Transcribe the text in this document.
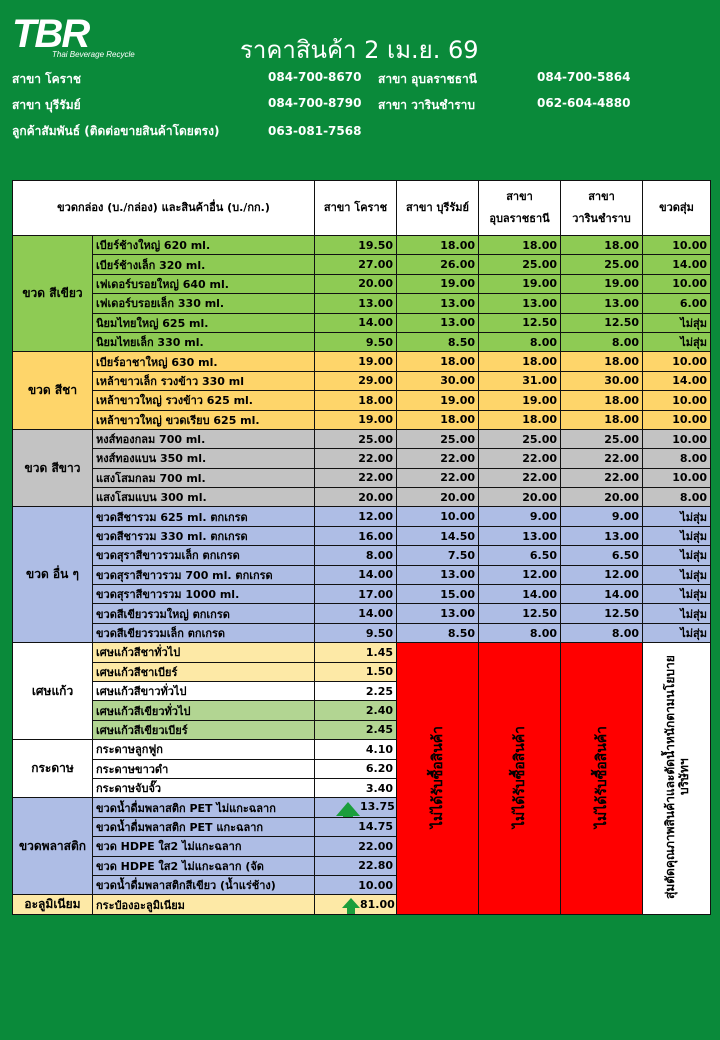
TBR
Thai Beverage Recycle	ราคาสินค้า 2 เม.ย. 69
สาขา โคราช	084-700-8670 สาขา อุบลราชธานี	084-700-5864
สาขา บุรีรัมย์	084-700-8790 สาขา วารินชำราบ	062-604-4880
ลูกค้าสัมพันธ์ (ติดต่อขายสินค้าโดยตรง)	063-081-7568
ขวดกล่อง (บ./กล่อง) และสินค้าอื่น (บ./กก.)		สาขา โคราช	สาขา บุรีรัมย์	สาขา อุบลราชธานี	สาขา วารินชำราบ	ขวดสุ่ม
ขวด สีเขียว	เบียร์ช้างใหญ่ 620 ml.	19.50	18.00	18.00	18.00	10.00
	เบียร์ช้างเล็ก 320 ml.	27.00	26.00	25.00	25.00	14.00
	เฟเดอร์บรอยใหญ่ 640 ml.	20.00	19.00	19.00	19.00	10.00
	เฟเดอร์บรอยเล็ก 330 ml.	13.00	13.00	13.00	13.00	6.00
	นิยมไทยใหญ่ 625 ml.	14.00	13.00	12.50	12.50	ไม่สุ่ม
	นิยมไทยเล็ก 330 ml.	9.50	8.50	8.00	8.00	ไม่สุ่ม
ขวด สีชา	เบียร์อาชาใหญ่ 630 ml.	19.00	18.00	18.00	18.00	10.00
	เหล้าขาวเล็ก รวงข้าว 330 ml	29.00	30.00	31.00	30.00	14.00
	เหล้าขาวใหญ่ รวงข้าว 625 ml.	18.00	19.00	19.00	18.00	10.00
	เหล้าขาวใหญ่ ขวดเรียบ 625 ml.	19.00	18.00	18.00	18.00	10.00
ขวด สีขาว	หงส์ทองกลม 700 ml.	25.00	25.00	25.00	25.00	10.00
	หงส์ทองแบน 350 ml.	22.00	22.00	22.00	22.00	8.00
	แสงโสมกลม 700 ml.	22.00	22.00	22.00	22.00	10.00
	แสงโสมแบน 300 ml.	20.00	20.00	20.00	20.00	8.00
ขวด อื่น ๆ	ขวดสีชารวม 625 ml. ตกเกรด	12.00	10.00	9.00	9.00	ไม่สุ่ม
	ขวดสีชารวม 330 ml. ตกเกรด	16.00	14.50	13.00	13.00	ไม่สุ่ม
	ขวดสุราสีขาวรวมเล็ก ตกเกรด	8.00	7.50	6.50	6.50	ไม่สุ่ม
	ขวดสุราสีขาวรวม 700 ml. ตกเกรด	14.00	13.00	12.00	12.00	ไม่สุ่ม
	ขวดสุราสีขาวรวม 1000 ml.	17.00	15.00	14.00	14.00	ไม่สุ่ม
	ขวดสีเขียวรวมใหญ่ ตกเกรด	14.00	13.00	12.50	12.50	ไม่สุ่ม
	ขวดสีเขียวรวมเล็ก ตกเกรด	9.50	8.50	8.00	8.00	ไม่สุ่ม
เศษแก้ว	เศษแก้วสีชาทั่วไป	1.45	ไม่ได้รับซื้อสินค้า	ไม่ได้รับซื้อสินค้า	ไม่ได้รับซื้อสินค้า	สุ่มตัดคุณภาพสินค้าและตัดน้ำหนักตามนโยบายบริษัทฯ
	เศษแก้วสีชาเบียร์	1.50				
	เศษแก้วสีขาวทั่วไป	2.25				
	เศษแก้วสีเขียวทั่วไป	2.40				
	เศษแก้วสีเขียวเบียร์	2.45				
กระดาษ	กระดาษลูกฟูก	4.10				
	กระดาษขาวดำ	6.20				
	กระดาษจับจั๊ว	3.40				
ขวดพลาสติก	ขวดน้ำดื่มพลาสติก PET ไม่แกะฉลาก	13.75				
	ขวดน้ำดื่มพลาสติก PET แกะฉลาก	14.75				
	ขวด HDPE ใส2 ไม่แกะฉลาก	22.00				
	ขวด HDPE ใส2 ไม่แกะฉลาก (จัด	22.80				
	ขวดน้ำดื่มพลาสติกสีเขียว (น้ำแร่ช้าง)	10.00				
อะลูมิเนียม	กระป๋องอะลูมิเนียม	81.00				
